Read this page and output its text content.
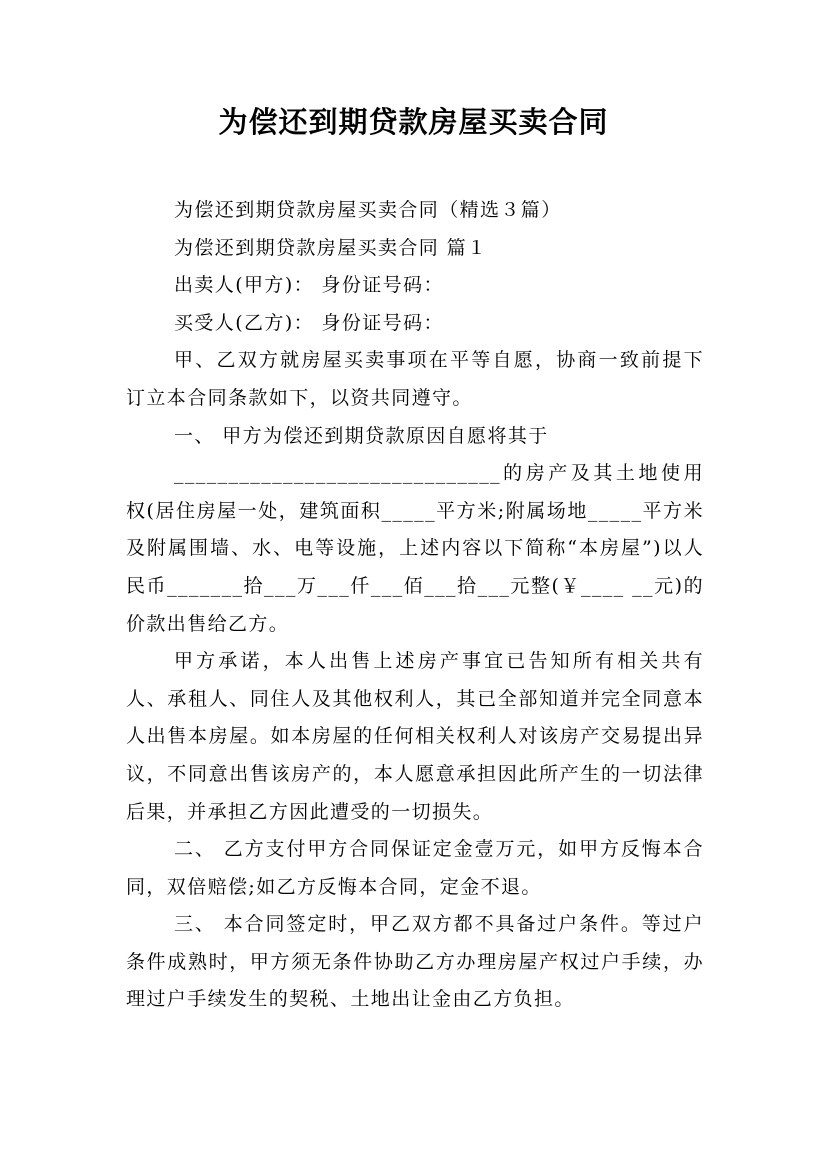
为偿还到期贷款房屋买卖合同

为偿还到期贷款房屋买卖合同（精选３篇）

为偿还到期贷款房屋买卖合同 篇１

出卖人(甲方)： 身份证号码：

买受人(乙方)： 身份证号码：

甲、乙双方就房屋买卖事项在平等自愿，协商一致前提下订立本合同条款如下，以资共同遵守。

一、 甲方为偿还到期贷款原因自愿将其于

______________________________的房产及其土地使用权(居住房屋一处，建筑面积_____平方米;附属场地_____平方米及附属围墙、水、电等设施，上述内容以下简称“本房屋”)以人民币_______拾___万___仟___佰___拾___元整(￥____ __元)的价款出售给乙方。

甲方承诺，本人出售上述房产事宜已告知所有相关共有人、承租人、同住人及其他权利人，其已全部知道并完全同意本人出售本房屋。如本房屋的任何相关权利人对该房产交易提出异议，不同意出售该房产的，本人愿意承担因此所产生的一切法律后果，并承担乙方因此遭受的一切损失。

二、 乙方支付甲方合同保证定金壹万元，如甲方反悔本合同，双倍赔偿;如乙方反悔本合同，定金不退。

三、 本合同签定时，甲乙双方都不具备过户条件。等过户条件成熟时，甲方须无条件协助乙方办理房屋产权过户手续，办理过户手续发生的契税、土地出让金由乙方负担。
